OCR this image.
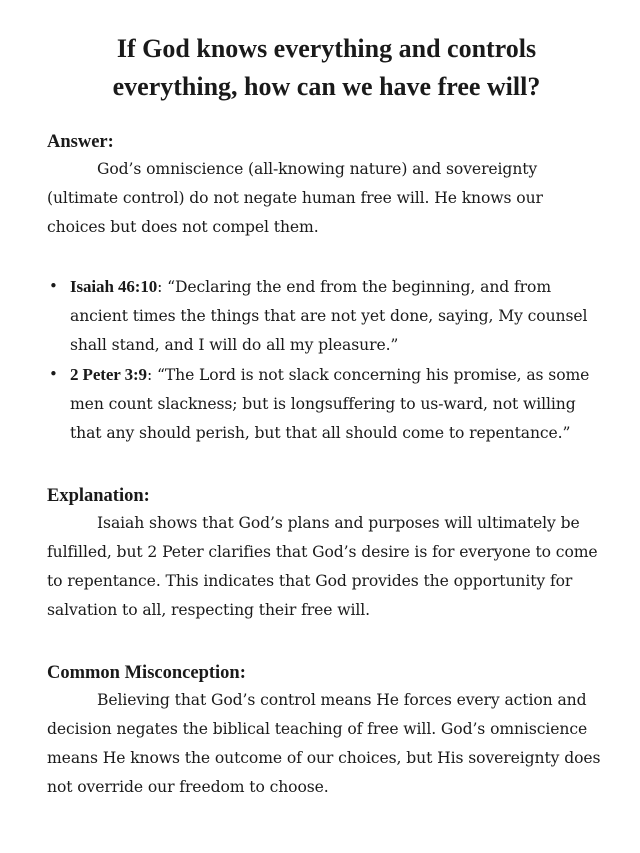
If God knows everything and controls everything, how can we have free will?
Answer:

God’s omniscience (all-knowing nature) and sovereignty (ultimate control) do not negate human free will. He knows our choices but does not compel them.

• Isaiah 46:10: “Declaring the end from the beginning, and from ancient times the things that are not yet done, saying, My counsel shall stand, and I will do all my pleasure.”
• 2 Peter 3:9: “The Lord is not slack concerning his promise, as some men count slackness; but is longsuffering to us-ward, not willing that any should perish, but that all should come to repentance.”
Explanation:

Isaiah shows that God’s plans and purposes will ultimately be fulfilled, but 2 Peter clarifies that God’s desire is for everyone to come to repentance. This indicates that God provides the opportunity for salvation to all, respecting their free will.

Common Misconception:

Believing that God’s control means He forces every action and decision negates the biblical teaching of free will. God’s omniscience means He knows the outcome of our choices, but His sovereignty does not override our freedom to choose.
